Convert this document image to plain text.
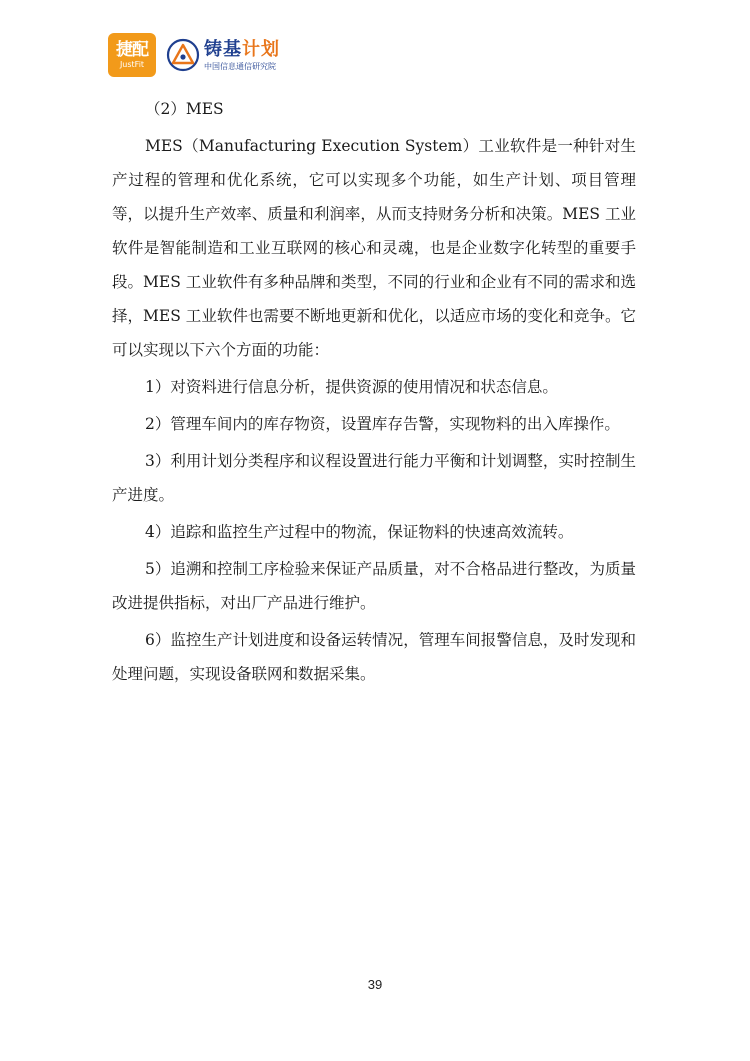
捷配
JustFit
铸基计划
中国信息通信研究院

（2）MES

MES（Manufacturing Execution System）工业软件是一种针对生产过程的管理和优化系统，它可以实现多个功能，如生产计划、项目管理等，以提升生产效率、质量和利润率，从而支持财务分析和决策。MES 工业软件是智能制造和工业互联网的核心和灵魂，也是企业数字化转型的重要手段。MES 工业软件有多种品牌和类型，不同的行业和企业有不同的需求和选择，MES 工业软件也需要不断地更新和优化，以适应市场的变化和竞争。它可以实现以下六个方面的功能：

1）对资料进行信息分析，提供资源的使用情况和状态信息。

2）管理车间内的库存物资，设置库存告警，实现物料的出入库操作。

3）利用计划分类程序和议程设置进行能力平衡和计划调整，实时控制生产进度。

4）追踪和监控生产过程中的物流，保证物料的快速高效流转。

5）追溯和控制工序检验来保证产品质量，对不合格品进行整改，为质量改进提供指标，对出厂产品进行维护。

6）监控生产计划进度和设备运转情况，管理车间报警信息，及时发现和处理问题，实现设备联网和数据采集。

39
